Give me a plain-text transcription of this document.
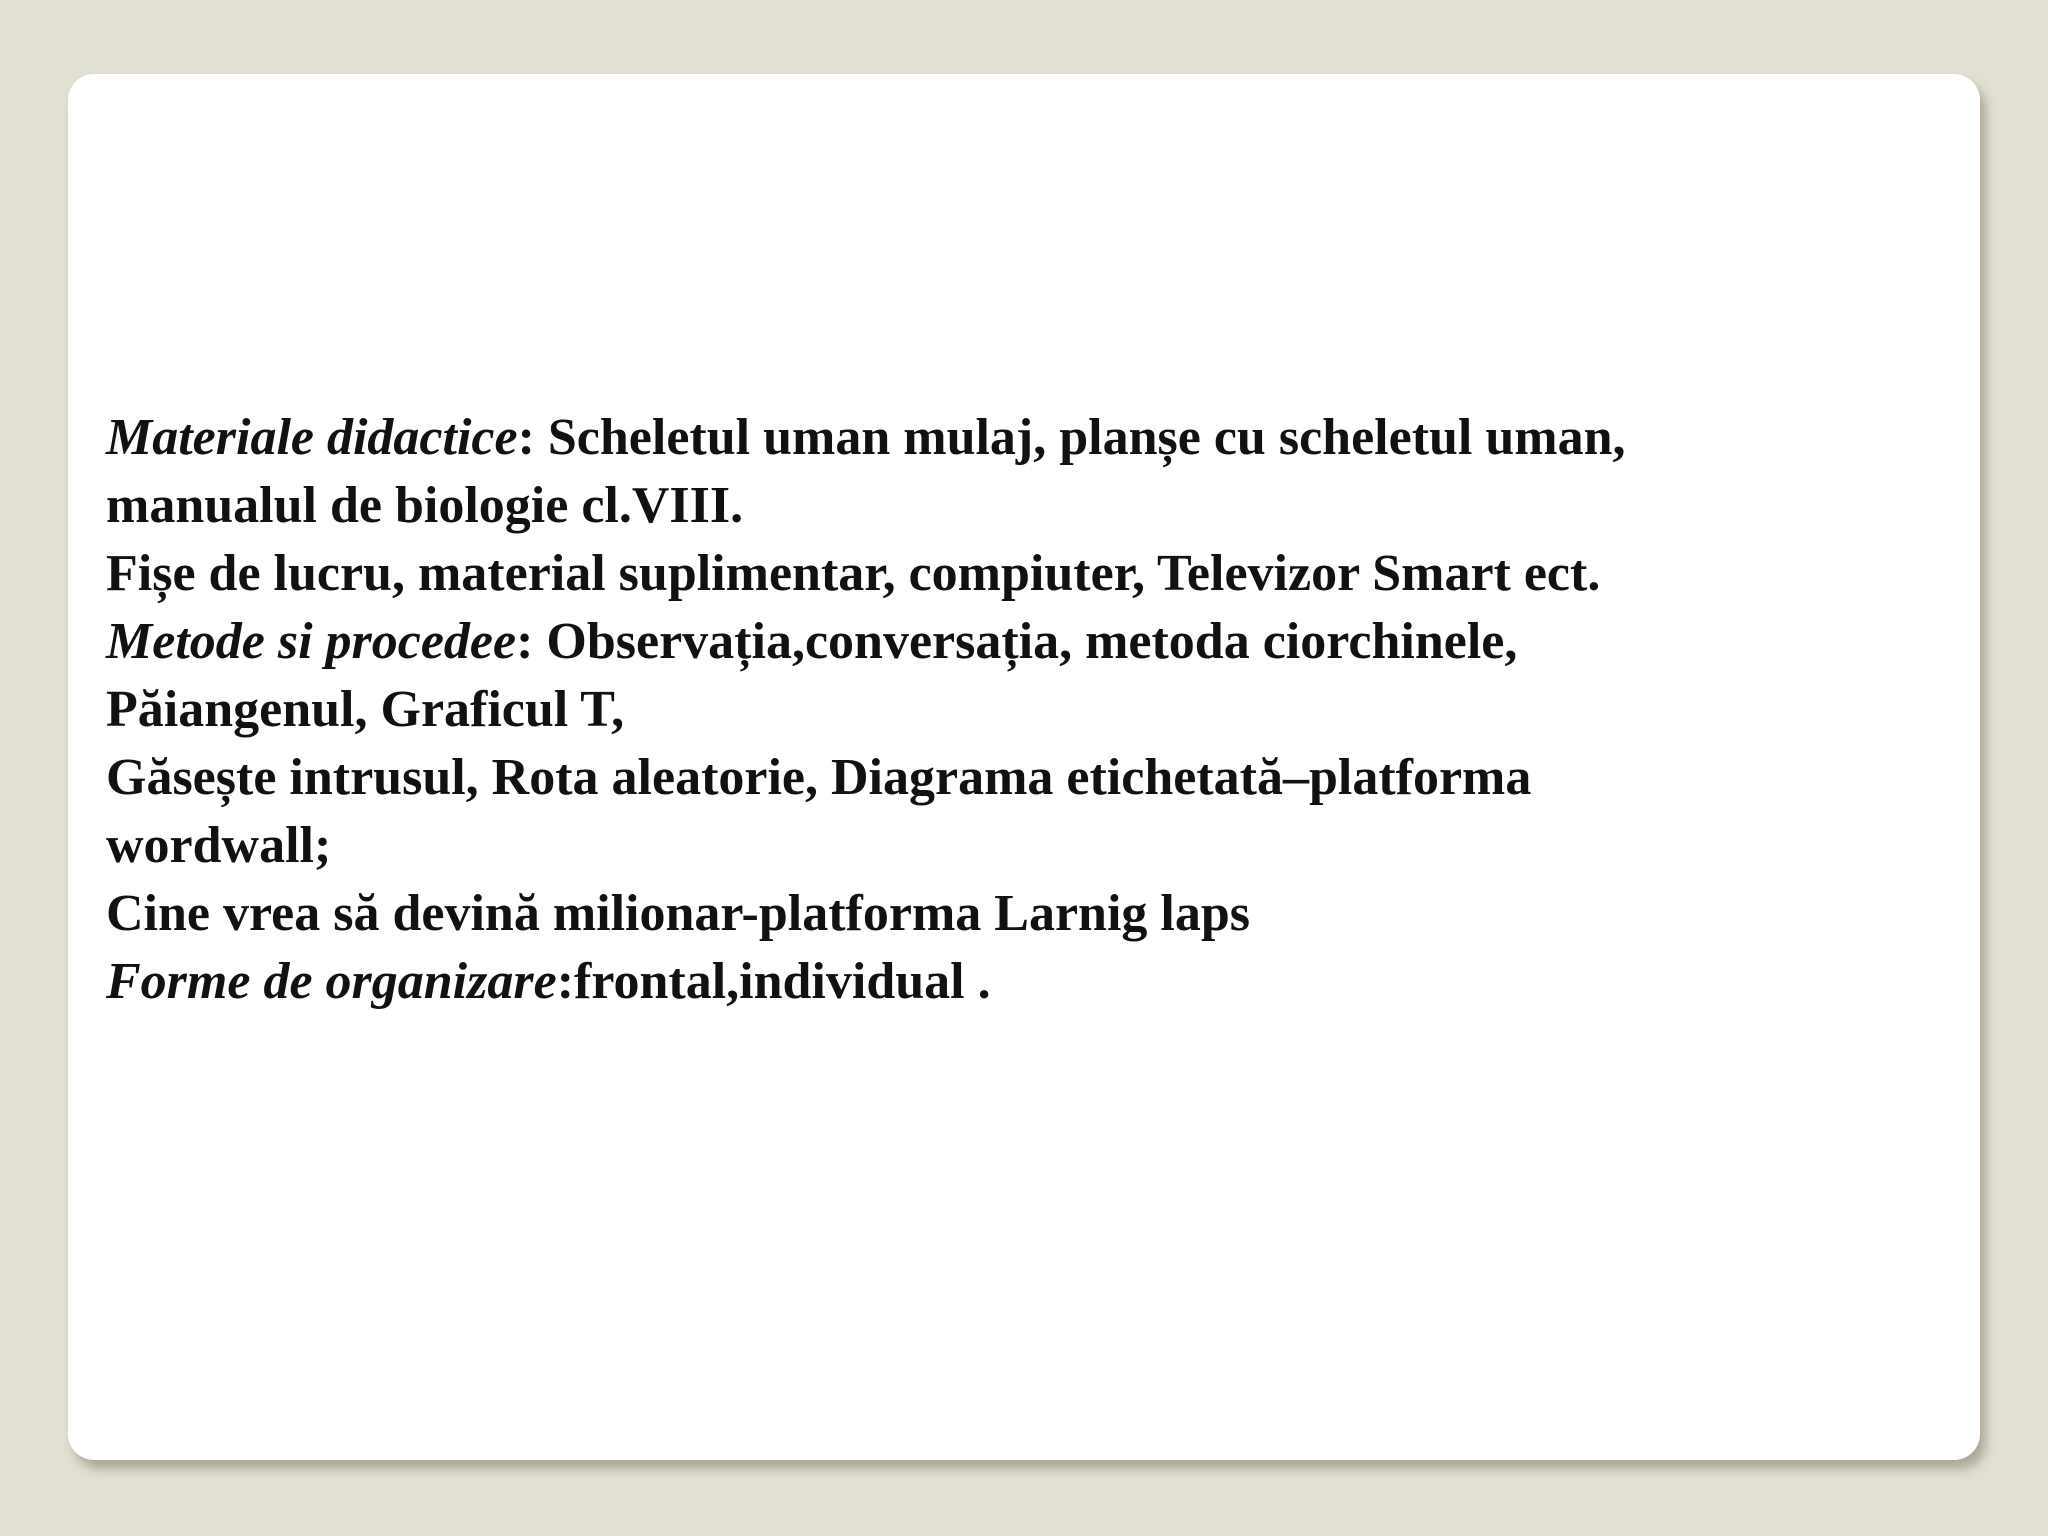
Materiale didactice: Scheletul uman mulaj, planșe cu scheletul uman,

manualul de biologie cl.VIII.

Fișe de lucru, material suplimentar, compiuter, Televizor Smart ect.

Metode si procedee: Observația,conversația, metoda ciorchinele,

Păiangenul, Graficul T,

Găsește intrusul, Rota aleatorie, Diagrama etichetată–platforma

wordwall;

Cine vrea să devină milionar-platforma Larnig laps

Forme de organizare:frontal,individual .
